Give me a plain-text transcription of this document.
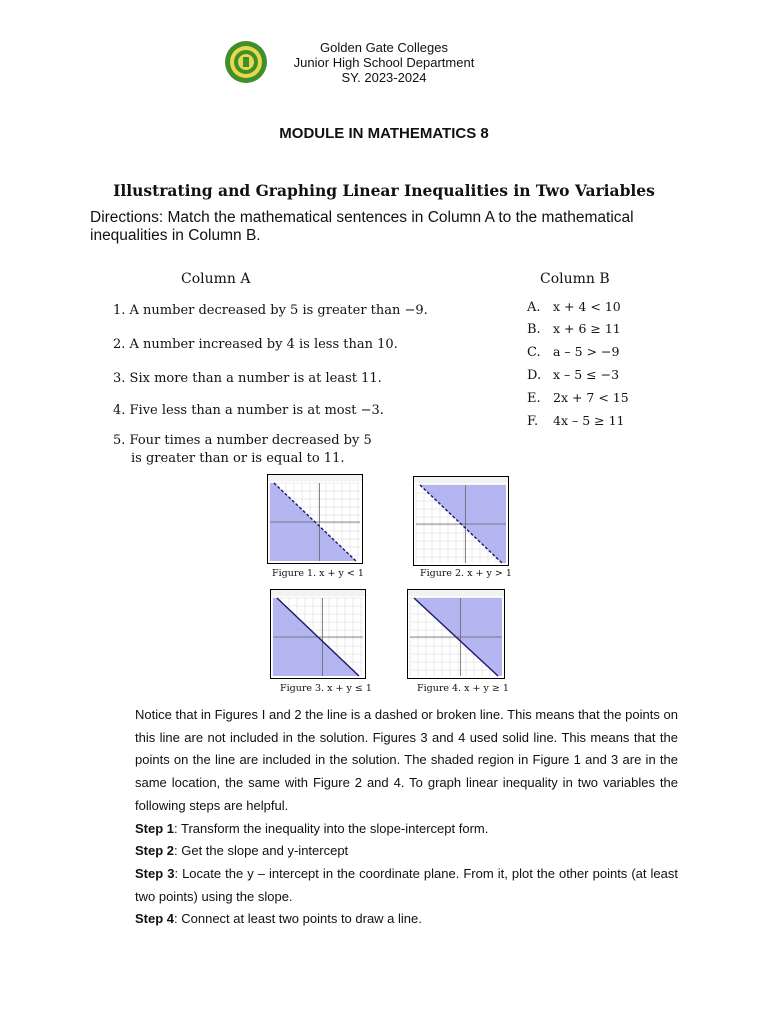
Golden Gate Colleges
Junior High School Department
SY. 2023-2024
MODULE IN MATHEMATICS 8
Illustrating and Graphing Linear Inequalities in Two Variables
Directions: Match the mathematical sentences in Column A to the mathematical inequalities in Column B.
Column A
1. A number decreased by 5 is greater than −9.
2. A number increased by 4 is less than 10.
3. Six more than a number is at least 11.
4. Five less than a number is at most −3.
5. Four times a number decreased by 5
is greater than or is equal to 11.
Column B
A. x + 4 < 10
B. x + 6 ≥ 11
C. a – 5 > −9
D. x – 5 ≤ −3
E. 2x + 7 < 15
F. 4x – 5 ≥ 11
Figure 1. x + y < 1	Figure 2. x + y > 1
Figure 3. x + y ≤ 1	Figure 4. x + y ≥ 1

Notice that in Figures I and 2 the line is a dashed or broken line. This means that the points on this line are not included in the solution. Figures 3 and 4 used solid line. This means that the points on the line are included in the solution. The shaded region in Figure 1 and 3 are in the same location, the same with Figure 2 and 4. To graph linear inequality in two variables the following steps are helpful.

Step 1: Transform the inequality into the slope-intercept form.

Step 2: Get the slope and y-intercept

Step 3: Locate the y – intercept in the coordinate plane. From it, plot the other points (at least two points) using the slope.

Step 4: Connect at least two points to draw a line.
